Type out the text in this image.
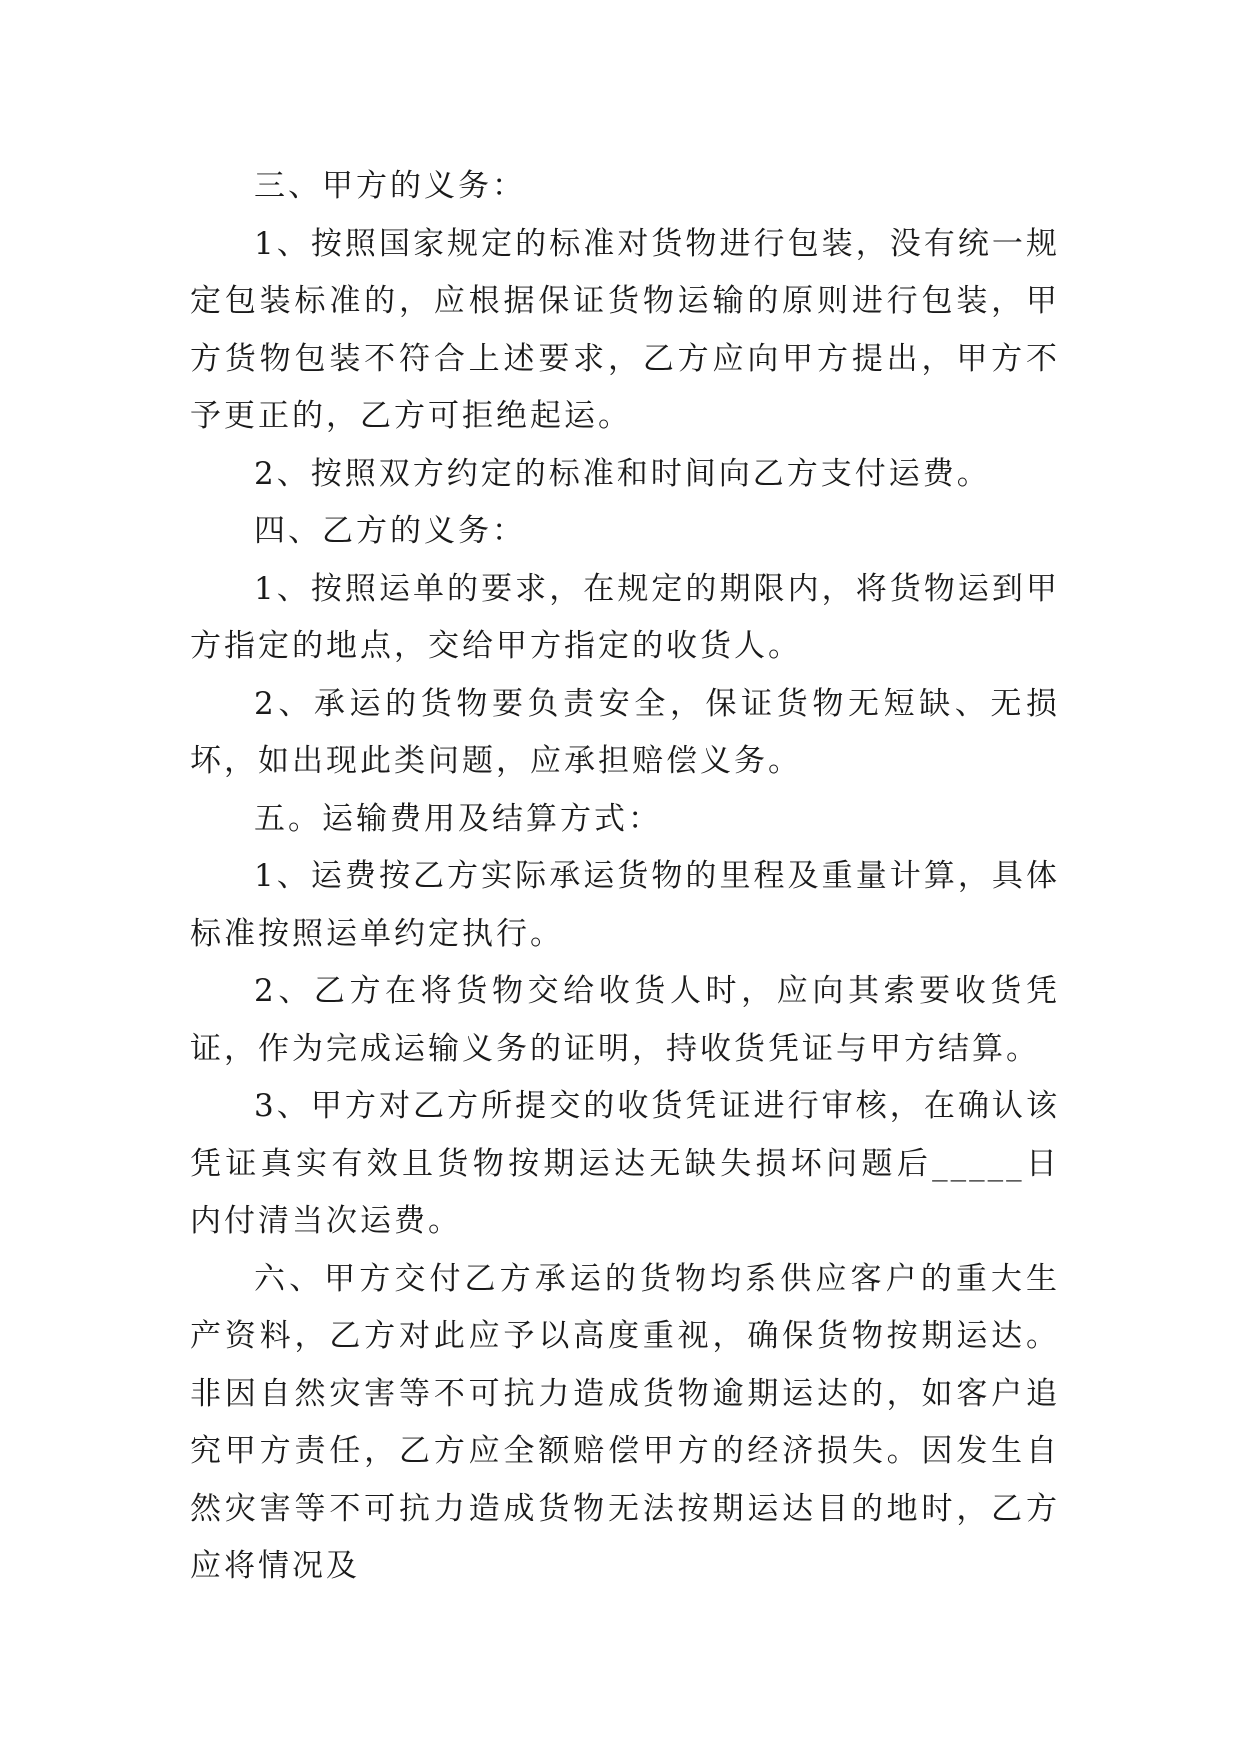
三、甲方的义务：

1、按照国家规定的标准对货物进行包装，没有统一规定包装标准的，应根据保证货物运输的原则进行包装，甲方货物包装不符合上述要求，乙方应向甲方提出，甲方不予更正的，乙方可拒绝起运。

2、按照双方约定的标准和时间向乙方支付运费。

四、乙方的义务：

1、按照运单的要求，在规定的期限内，将货物运到甲方指定的地点，交给甲方指定的收货人。

2、承运的货物要负责安全，保证货物无短缺、无损坏，如出现此类问题，应承担赔偿义务。

五。运输费用及结算方式：

1、运费按乙方实际承运货物的里程及重量计算，具体标准按照运单约定执行。

2、乙方在将货物交给收货人时，应向其索要收货凭证，作为完成运输义务的证明，持收货凭证与甲方结算。

3、甲方对乙方所提交的收货凭证进行审核，在确认该凭证真实有效且货物按期运达无缺失损坏问题后_____日内付清当次运费。

六、甲方交付乙方承运的货物均系供应客户的重大生产资料，乙方对此应予以高度重视，确保货物按期运达。非因自然灾害等不可抗力造成货物逾期运达的，如客户追究甲方责任，乙方应全额赔偿甲方的经济损失。因发生自然灾害等不可抗力造成货物无法按期运达目的地时，乙方应将情况及
